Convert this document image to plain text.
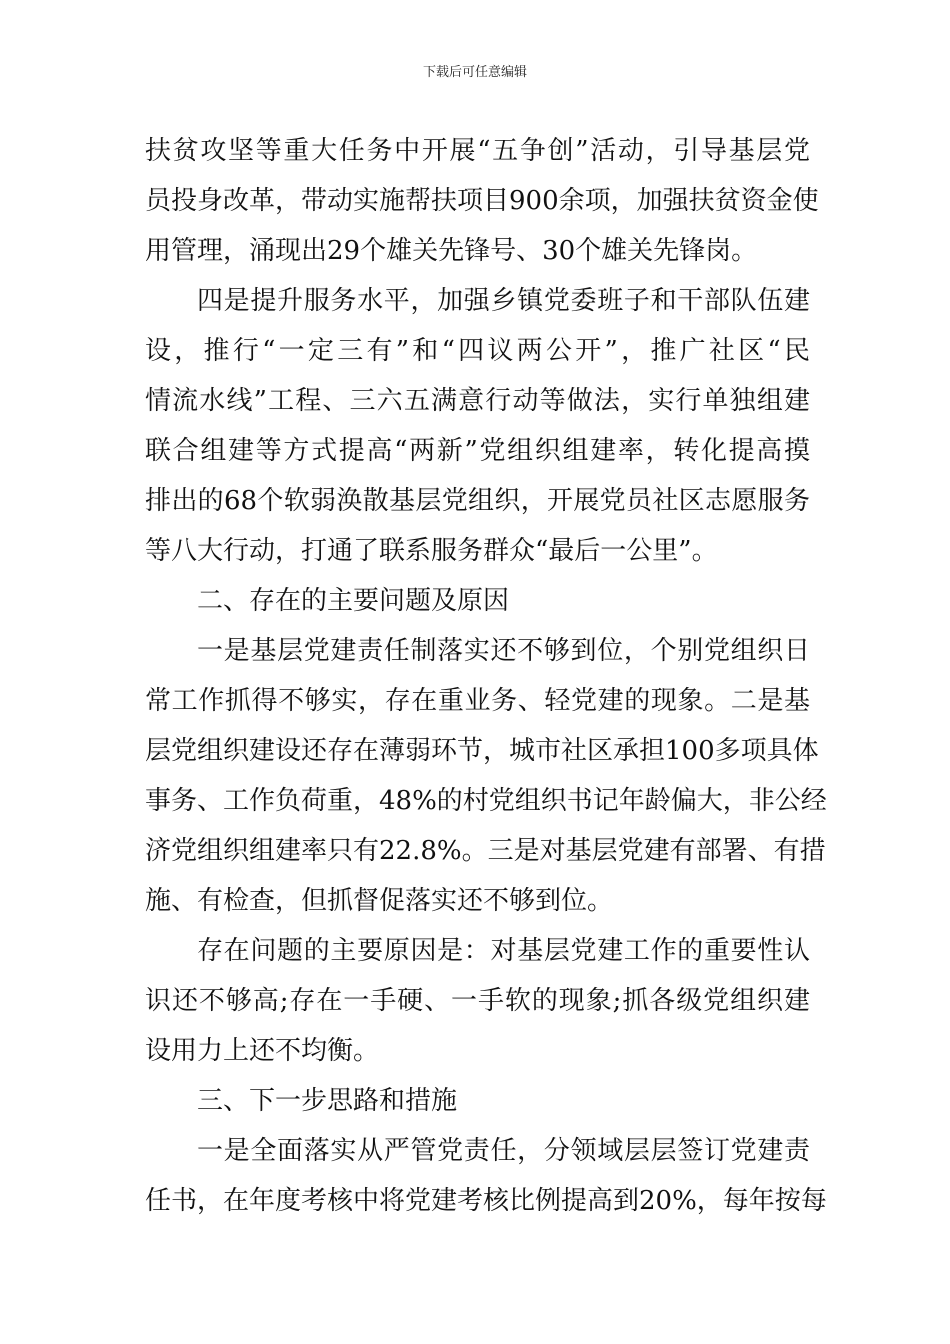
下载后可任意编辑
扶贫攻坚等重大任务中开展“五争创”活动，引导基层党
员投身改革，带动实施帮扶项目900余项，加强扶贫资金使
用管理，涌现出29个雄关先锋号、30个雄关先锋岗。
四是提升服务水平，加强乡镇党委班子和干部队伍建
设，推行“一定三有”和“四议两公开”，推广社区“民
情流水线”工程、三六五满意行动等做法，实行单独组建
联合组建等方式提高“两新”党组织组建率，转化提高摸
排出的68个软弱涣散基层党组织，开展党员社区志愿服务
等八大行动，打通了联系服务群众“最后一公里”。
二、存在的主要问题及原因
一是基层党建责任制落实还不够到位，个别党组织日
常工作抓得不够实，存在重业务、轻党建的现象。二是基
层党组织建设还存在薄弱环节，城市社区承担100多项具体
事务、工作负荷重，48%的村党组织书记年龄偏大，非公经
济党组织组建率只有22.8%。三是对基层党建有部署、有措
施、有检查，但抓督促落实还不够到位。
存在问题的主要原因是：对基层党建工作的重要性认
识还不够高;存在一手硬、一手软的现象;抓各级党组织建
设用力上还不均衡。
三、下一步思路和措施
一是全面落实从严管党责任，分领域层层签订党建责
任书，在年度考核中将党建考核比例提高到20%，每年按每
